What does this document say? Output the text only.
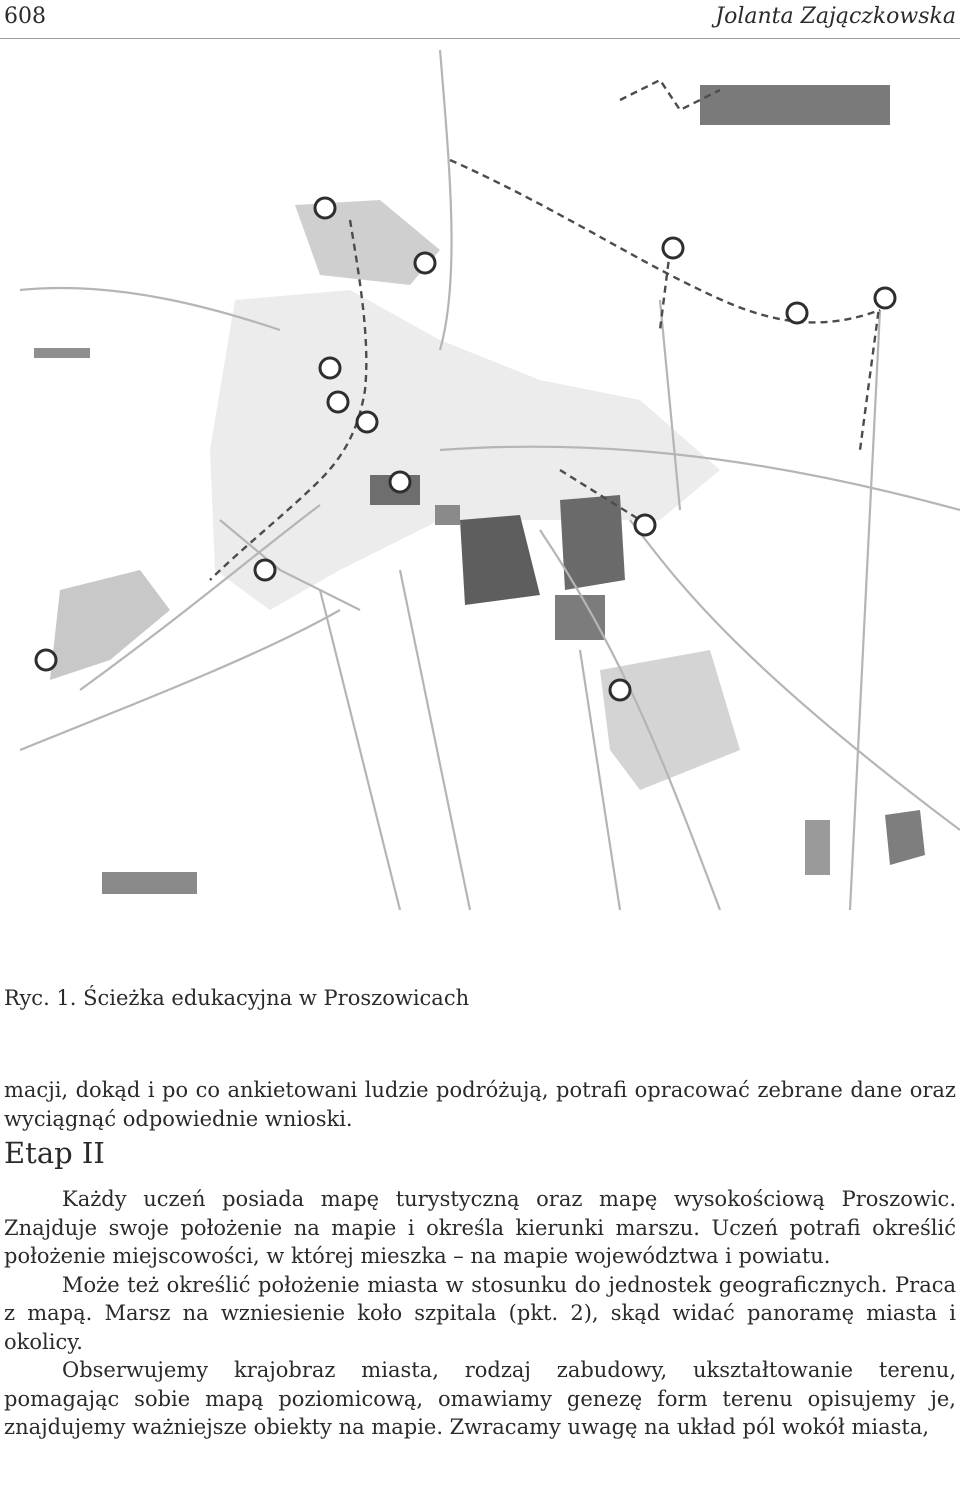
608	Jolanta Zajączkowska
Ryc. 1. Ścieżka edukacyjna w Proszowicach

macji, dokąd i po co ankietowani ludzie podróżują, potrafi opracować zebrane dane oraz wyciągnąć odpowiednie wnioski.

Etap II

Każdy uczeń posiada mapę turystyczną oraz mapę wysokościową Proszowic. Znajduje swoje położenie na mapie i określa kierunki marszu. Uczeń potrafi określić położenie miejscowości, w której mieszka – na mapie województwa i powiatu.

Może też określić położenie miasta w stosunku do jednostek geograficznych. Praca z mapą. Marsz na wzniesienie koło szpitala (pkt. 2), skąd widać panoramę miasta i okolicy.

Obserwujemy krajobraz miasta, rodzaj zabudowy, ukształtowanie terenu, pomagając sobie mapą poziomicową, omawiamy genezę form terenu opisujemy je, znajdujemy ważniejsze obiekty na mapie. Zwracamy uwagę na układ pól wokół miasta,
